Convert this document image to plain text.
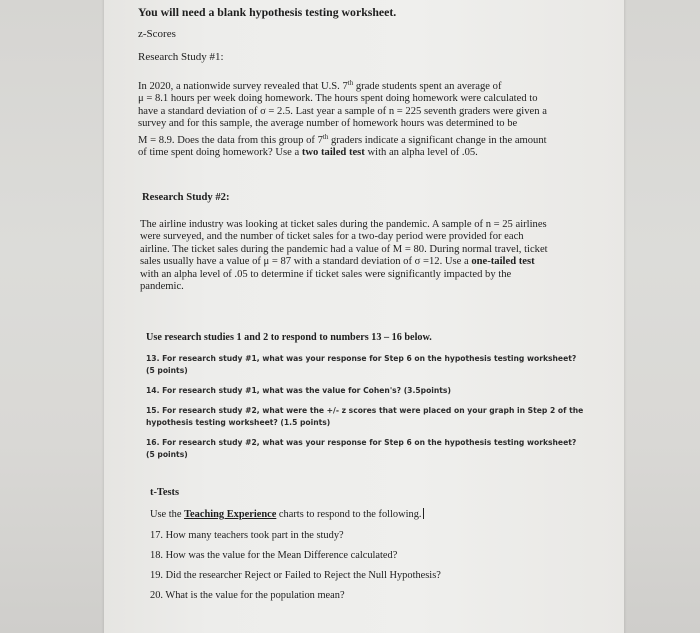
You will need a blank hypothesis testing worksheet.
z-Scores
Research Study #1:

In 2020, a nationwide survey revealed that U.S. 7th grade students spent an average of

μ = 8.1 hours per week doing homework. The hours spent doing homework were calculated to

have a standard deviation of σ = 2.5. Last year a sample of n = 225 seventh graders were given a

survey and for this sample, the average number of homework hours was determined to be

M = 8.9. Does the data from this group of 7th graders indicate a significant change in the amount

of time spent doing homework? Use a two tailed test with an alpha level of .05.

Research Study #2:

The airline industry was looking at ticket sales during the pandemic. A sample of n = 25 airlines

were surveyed, and the number of ticket sales for a two-day period were provided for each

airline. The ticket sales during the pandemic had a value of M = 80. During normal travel, ticket

sales usually have a value of μ = 87 with a standard deviation of σ =12. Use a one-tailed test

with an alpha level of .05 to determine if ticket sales were significantly impacted by the

pandemic.

Use research studies 1 and 2 to respond to numbers 13 – 16 below.

13. For research study #1, what was your response for Step 6 on the hypothesis testing worksheet?

(5 points)

14. For research study #1, what was the value for Cohen's? (3.5points)

15. For research study #2, what were the +/- z scores that were placed on your graph in Step 2 of the

hypothesis testing worksheet? (1.5 points)

16. For research study #2, what was your response for Step 6 on the hypothesis testing worksheet?

(5 points)

t-Tests
Use the Teaching Experience charts to respond to the following.
17. How many teachers took part in the study?
18. How was the value for the Mean Difference calculated?
19. Did the researcher Reject or Failed to Reject the Null Hypothesis?
20. What is the value for the population mean?
